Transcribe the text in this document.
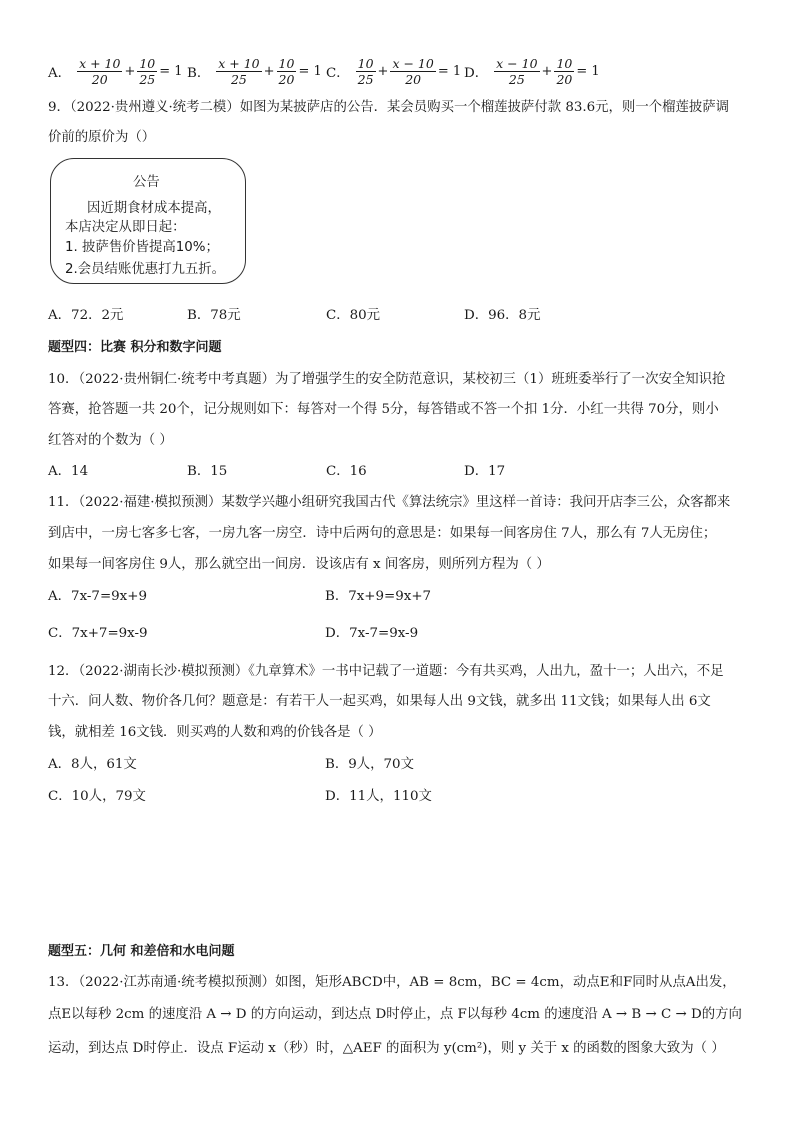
A． $\frac{x + 10}{20} + \frac{10}{25} = 1$ B． $\frac{x + 10}{25} + \frac{10}{20} = 1$ C． $\frac{10}{25} + \frac{x - 10}{20} = 1$ D． $\frac{x - 10}{25} + \frac{10}{20} = 1$
9．（2022·贵州遵义·统考二模）如图为某披萨店的公告．某会员购买一个榴莲披萨付款 83.6元，则一个榴莲披萨调
价前的原价为（）
公告
因近期食材成本提高，
本店决定从即日起：
1. 披萨售价皆提高10%；
2.会员结账优惠打九五折。
A．72．2元	B．78元	C．80元	D．96．8元
题型四：比赛 积分和数字问题
10．（2022·贵州铜仁·统考中考真题）为了增强学生的安全防范意识，某校初三（1）班班委举行了一次安全知识抢
答赛，抢答题一共 20个，记分规则如下：每答对一个得 5分，每答错或不答一个扣 1分．小红一共得 70分，则小
红答对的个数为（ ）
A．14	B．15	C．16	D．17
11．（2022·福建·模拟预测）某数学兴趣小组研究我国古代《算法统宗》里这样一首诗：我问开店李三公，众客都来
到店中，一房七客多七客，一房九客一房空．诗中后两句的意思是：如果每一间客房住 7人，那么有 7人无房住；
如果每一间客房住 9人，那么就空出一间房．设该店有 x 间客房，则所列方程为（ ）
A．7x-7=9x+9	B．7x+9=9x+7
C．7x+7=9x-9	D．7x-7=9x-9
12．（2022·湖南长沙·模拟预测）《九章算术》一书中记载了一道题：今有共买鸡，人出九，盈十一；人出六，不足
十六．问人数、物价各几何？题意是：有若干人一起买鸡，如果每人出 9文钱，就多出 11文钱；如果每人出 6文
钱，就相差 16文钱．则买鸡的人数和鸡的价钱各是（ ）
A．8人，61文	B．9人，70文
C．10人，79文	D．11人，110文
题型五：几何 和差倍和水电问题
13．（2022·江苏南通·统考模拟预测）如图，矩形ABCD中，AB = 8cm，BC = 4cm，动点E和F同时从点A出发，
点E以每秒 2cm 的速度沿 A → D 的方向运动，到达点 D时停止，点 F以每秒 4cm 的速度沿 A → B → C → D的方向
运动，到达点 D时停止．设点 F运动 x（秒）时，△AEF 的面积为 y(cm²)，则 y 关于 x 的函数的图象大致为（ ）
